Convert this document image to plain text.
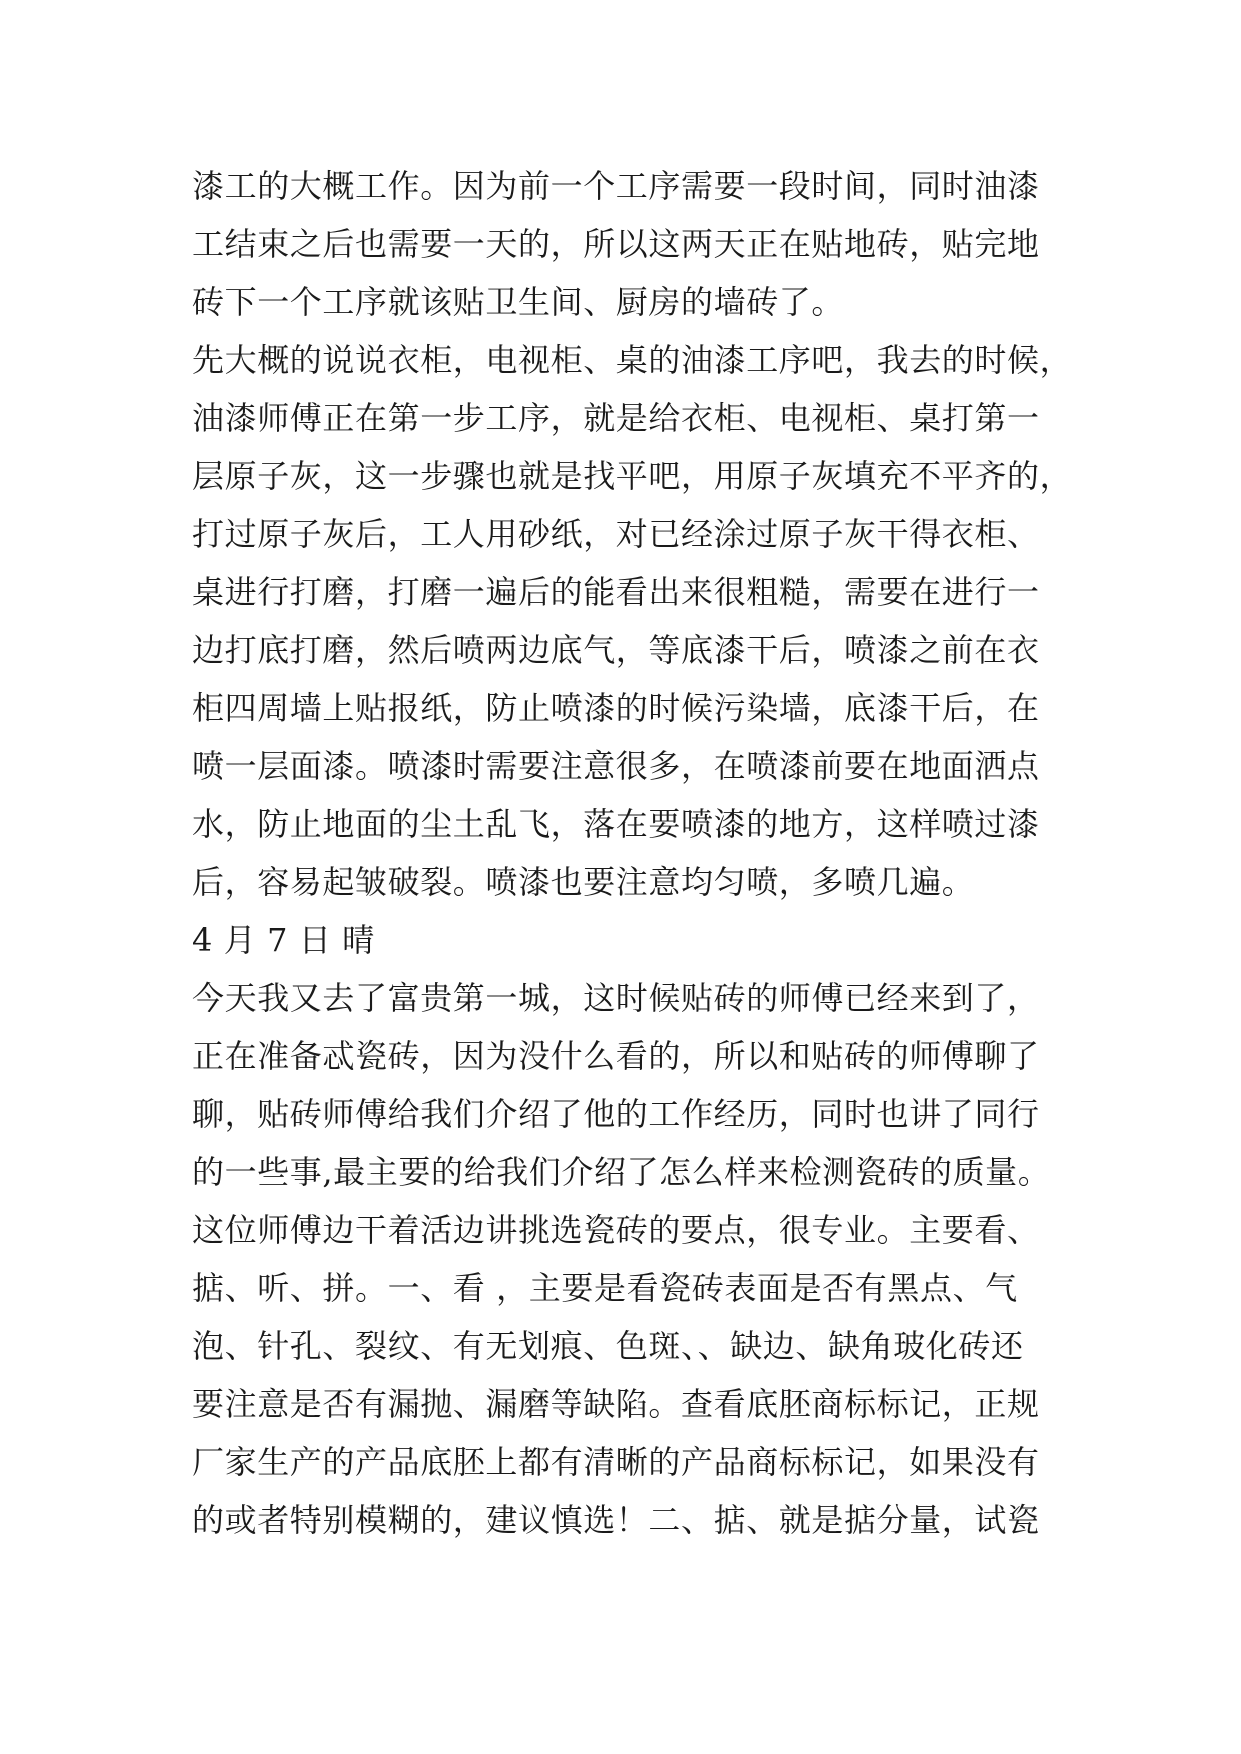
漆工的大概工作。因为前一个工序需要一段时间，同时油漆
工结束之后也需要一天的，所以这两天正在贴地砖，贴完地
砖下一个工序就该贴卫生间、厨房的墙砖了。
先大概的说说衣柜，电视柜、桌的油漆工序吧，我去的时候，
油漆师傅正在第一步工序，就是给衣柜、电视柜、桌打第一
层原子灰，这一步骤也就是找平吧，用原子灰填充不平齐的，
打过原子灰后，工人用砂纸，对已经涂过原子灰干得衣柜、
桌进行打磨，打磨一遍后的能看出来很粗糙，需要在进行一
边打底打磨，然后喷两边底气，等底漆干后，喷漆之前在衣
柜四周墙上贴报纸，防止喷漆的时候污染墙，底漆干后，在
喷一层面漆。喷漆时需要注意很多，在喷漆前要在地面洒点
水，防止地面的尘土乱飞，落在要喷漆的地方，这样喷过漆
后，容易起皱破裂。喷漆也要注意均匀喷，多喷几遍。
4 月 7 日 晴
今天我又去了富贵第一城，这时候贴砖的师傅已经来到了，
正在准备忒瓷砖，因为没什么看的，所以和贴砖的师傅聊了
聊，贴砖师傅给我们介绍了他的工作经历，同时也讲了同行
的一些事,最主要的给我们介绍了怎么样来检测瓷砖的质量。
这位师傅边干着活边讲挑选瓷砖的要点，很专业。主要看、
掂、听、拼。一、看 ，主要是看瓷砖表面是否有黑点、气
泡、针孔、裂纹、有无划痕、色斑、、缺边、缺角玻化砖还
要注意是否有漏抛、漏磨等缺陷。查看底胚商标标记，正规
厂家生产的产品底胚上都有清晰的产品商标标记，如果没有
的或者特别模糊的，建议慎选！二、掂、就是掂分量，试瓷
